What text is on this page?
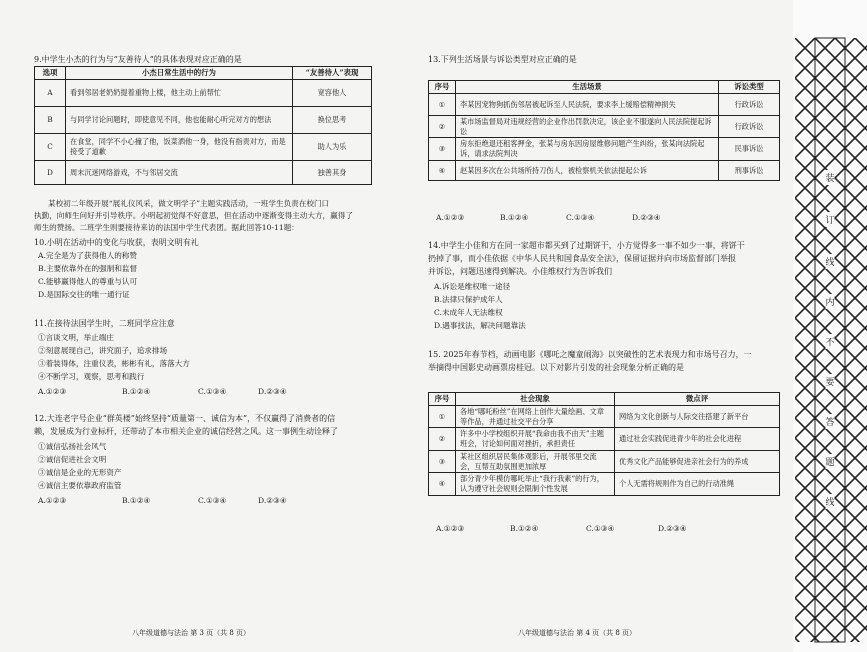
9.中学生小杰的行为与“友善待人”的具体表现对应正确的是
选项	小杰日常生活中的行为	“友善待人”表现
A	看到邻居老奶奶提着重物上楼，他主动上前帮忙	宽容他人
B	与同学讨论问题时，即使意见不同，他也能耐心听完对方的想法	换位思考
C	在食堂，同学不小心撞了他，饭菜洒他一身，他没有指责对方，而是接受了道歉	助人为乐
D	周末沉迷网络游戏，不与邻居交流	独善其身
某校初二年级开展“展礼仪风采，做文明学子”主题实践活动，一班学生负责在校门口
执勤，向师生问好并引导秩序。小明起初觉得不好意思，但在活动中逐渐变得主动大方，赢得了
师生的赞扬。二班学生则要接待来访的法国中学生代表团。据此回答10-11题：
10.小明在活动中的变化与收获，表明文明有礼
A.完全是为了获得他人的称赞
B.主要依靠外在的强制和监督
C.能够赢得他人的尊重与认可
D.是国际交往的唯一通行证
11.在接待法国学生时，二班同学应注意
①言谈文明，举止端庄
②刻意展现自己，讲究面子，追求排场
③着装得体，注重仪表，彬彬有礼，落落大方
④不断学习，观察，思考和践行
A.①②③	B.①②④	C.①③④	D.②③④
12.大连老字号企业“群英楼”始终坚持“质量第一、诚信为本”，不仅赢得了消费者的信
赖，发展成为行业标杆，还带动了本市相关企业的诚信经营之风。这一事例生动诠释了
①诚信弘扬社会风气
②诚信促进社会文明
③诚信是企业的无形资产
④诚信主要依靠政府监管
A.①②③	B.①②④	C.①③④	D.②③④
八年级道德与法治 第 3 页（共 8 页）
13.下列生活场景与诉讼类型对应正确的是
序号	生活场景	诉讼类型
①	李某因宠物狗抓伤邻居被起诉至人民法院，要求李上缓赔偿精神损失	行政诉讼
②	某市场监督局对违规经营的企业作出罚款决定，该企业不服遂向人民法院提起诉讼	行政诉讼
③	房东拒绝退还租客押金，张某与房东因房屋维修问题产生纠纷，张某向法院起诉，请求法院判决	民事诉讼
④	赵某因多次在公共场所持刀伤人，被检察机关依法提起公诉	刑事诉讼
A.①②③	B.①②④	C.①③④	D.②③④
14.中学生小佳和方在同一家超市都买到了过期饼干，小方觉得多一事不如少一事，将饼干
扔掉了事，而小佳依据《中华人民共和国食品安全法》，保留证据并向市场监督部门举报
并诉讼，问题迅速得到解决。小佳维权行为告诉我们
A.诉讼是维权唯一途径
B.法律只保护成年人
C.未成年人无法维权
D.遇事找法，解决问题靠法
15. 2025年春节档，动画电影《哪吒之魔童闹海》以突破性的艺术表现力和市场号召力，一
举摘得中国影史动画票房桂冠。以下对影片引发的社会现象分析正确的是
序号	社会现象	微点评
①	各地“哪吒粉丝”在网络上创作大量绘画、文章等作品，并通过社交平台分享	网络为文化创新与人际交往搭建了新平台
②	许多中小学校组织开展“我命由我不由天”主题班会，讨论如何面对挫折，承担责任	通过社会实践促进青少年的社会化进程
③	某社区组织居民集体观影后，开展邻里交流会，互帮互助氛围更加浓厚	优秀文化产品能够促进亲社会行为的养成
④	部分青少年模仿哪吒举止“我行我素”的行为，认为遵守社会规则会限制个性发展	个人无需将规则作为自己的行动准绳
A.①②③	B.①②④	C.①③④	D.②③④
八年级道德与法治 第 4 页（共 8 页）
装
订
线
内
不
要
答
题
线
